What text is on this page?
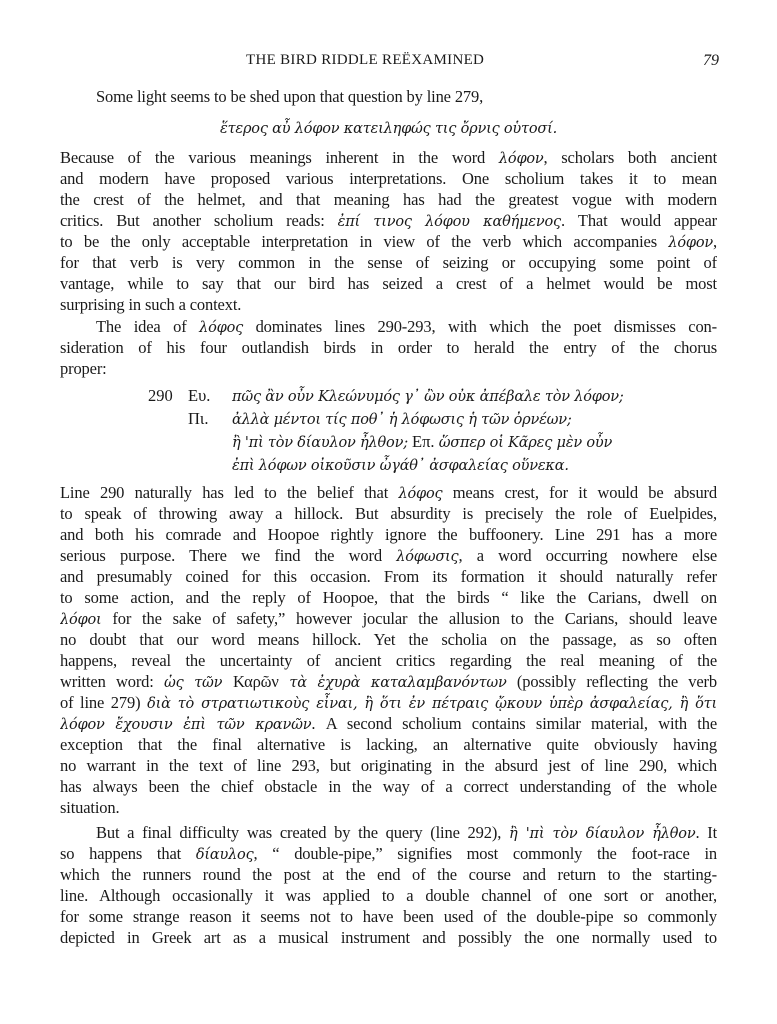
THE BIRD RIDDLE REËXAMINED	79
Some light seems to be shed upon that question by line 279,
ἕτερος αὖ λόφον κατειληφώς τις ὄρνις οὑτοσί.
Because of the various meanings inherent in the word λόφον, scholars both ancient
and modern have proposed various interpretations. One scholium takes it to mean
the crest of the helmet, and that meaning has had the greatest vogue with modern
critics. But another scholium reads: ἐπί τινος λόφου καθήμενος. That would appear
to be the only acceptable interpretation in view of the verb which accompanies λόφον,
for that verb is very common in the sense of seizing or occupying some point of
vantage, while to say that our bird has seized a crest of a helmet would be most
surprising in such a context.
The idea of λόφος dominates lines 290-293, with which the poet dismisses con-
sideration of his four outlandish birds in order to herald the entry of the chorus
proper:
290 Ευ. πῶς ἂν οὖν Κλεώνυμός γ᾽ ὢν οὐκ ἀπέβαλε τὸν λόφον;
Πι. ἀλλὰ μέντοι τίς ποθ᾽ ἡ λόφωσις ἡ τῶν ὀρνέων;
ἢ 'πὶ τὸν δίαυλον ἦλθον; Επ. ὥσπερ οἱ Κᾶρες μὲν οὖν
ἐπὶ λόφων οἰκοῦσιν ὦγάθ᾽ ἀσφαλείας οὕνεκα.
Line 290 naturally has led to the belief that λόφος means crest, for it would be absurd
to speak of throwing away a hillock. But absurdity is precisely the role of Euelpides,
and both his comrade and Hoopoe rightly ignore the buffoonery. Line 291 has a more
serious purpose. There we find the word λόφωσις, a word occurring nowhere else
and presumably coined for this occasion. From its formation it should naturally refer
to some action, and the reply of Hoopoe, that the birds “ like the Carians, dwell on
λόφοι for the sake of safety,” however jocular the allusion to the Carians, should leave
no doubt that our word means hillock. Yet the scholia on the passage, as so often
happens, reveal the uncertainty of ancient critics regarding the real meaning of the
written word: ὡς τῶν Καρῶν τὰ ἐχυρὰ καταλαμβανόντων (possibly reflecting the verb
of line 279) διὰ τὸ στρατιωτικοὺς εἶναι, ἢ ὅτι ἐν πέτραις ᾤκουν ὑπὲρ ἀσφαλείας, ἢ ὅτι
λόφον ἔχουσιν ἐπὶ τῶν κρανῶν. A second scholium contains similar material, with the
exception that the final alternative is lacking, an alternative quite obviously having
no warrant in the text of line 293, but originating in the absurd jest of line 290, which
has always been the chief obstacle in the way of a correct understanding of the whole
situation.
But a final difficulty was created by the query (line 292), ἢ 'πὶ τὸν δίαυλον ἦλθον. It
so happens that δίαυλος, “ double-pipe,” signifies most commonly the foot-race in
which the runners round the post at the end of the course and return to the starting-
line. Although occasionally it was applied to a double channel of one sort or another,
for some strange reason it seems not to have been used of the double-pipe so commonly
depicted in Greek art as a musical instrument and possibly the one normally used to
